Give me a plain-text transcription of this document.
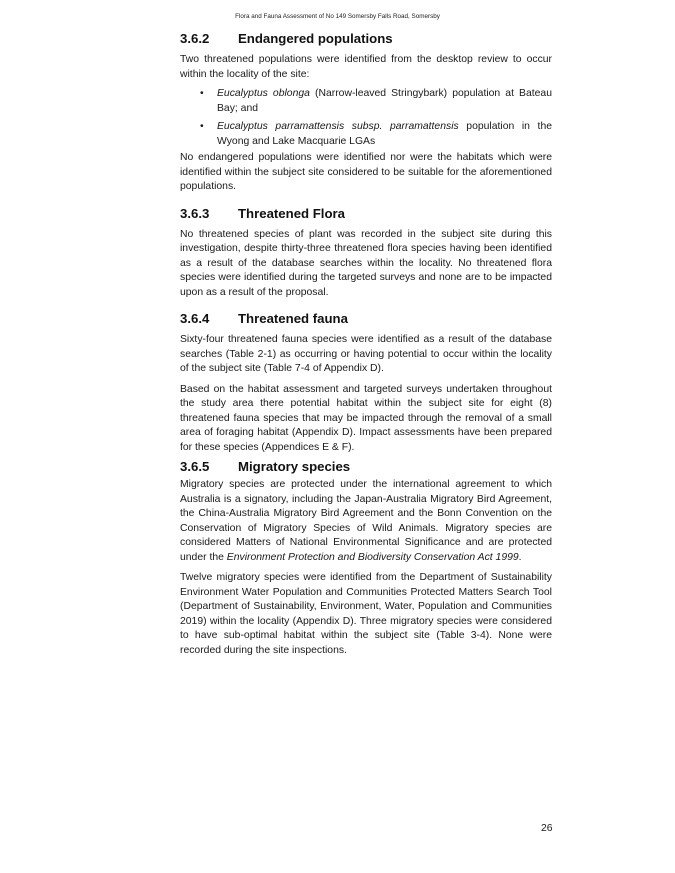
Flora and Fauna Assessment of No 149 Somersby Falls Road, Somersby
3.6.2	Endangered populations

Two threatened populations were identified from the desktop review to occur within the locality of the site:

• Eucalyptus oblonga (Narrow-leaved Stringybark) population at Bateau Bay; and
• Eucalyptus parramattensis subsp. parramattensis population in the Wyong and Lake Macquarie LGAs

No endangered populations were identified nor were the habitats which were identified within the subject site considered to be suitable for the aforementioned populations.

3.6.3	Threatened Flora

No threatened species of plant was recorded in the subject site during this investigation, despite thirty-three threatened flora species having been identified as a result of the database searches within the locality. No threatened flora species were identified during the targeted surveys and none are to be impacted upon as a result of the proposal.

3.6.4	Threatened fauna

Sixty-four threatened fauna species were identified as a result of the database searches (Table 2-1) as occurring or having potential to occur within the locality of the subject site (Table 7-4 of Appendix D).

Based on the habitat assessment and targeted surveys undertaken throughout the study area there potential habitat within the subject site for eight (8) threatened fauna species that may be impacted through the removal of a small area of foraging habitat (Appendix D). Impact assessments have been prepared for these species (Appendices E & F).

3.6.5	Migratory species

Migratory species are protected under the international agreement to which Australia is a signatory, including the Japan-Australia Migratory Bird Agreement, the China-Australia Migratory Bird Agreement and the Bonn Convention on the Conservation of Migratory Species of Wild Animals. Migratory species are considered Matters of National Environmental Significance and are protected under the Environment Protection and Biodiversity Conservation Act 1999.

Twelve migratory species were identified from the Department of Sustainability Environment Water Population and Communities Protected Matters Search Tool (Department of Sustainability, Environment, Water, Population and Communities 2019) within the locality (Appendix D). Three migratory species were considered to have sub-optimal habitat within the subject site (Table 3-4). None were recorded during the site inspections.

26
